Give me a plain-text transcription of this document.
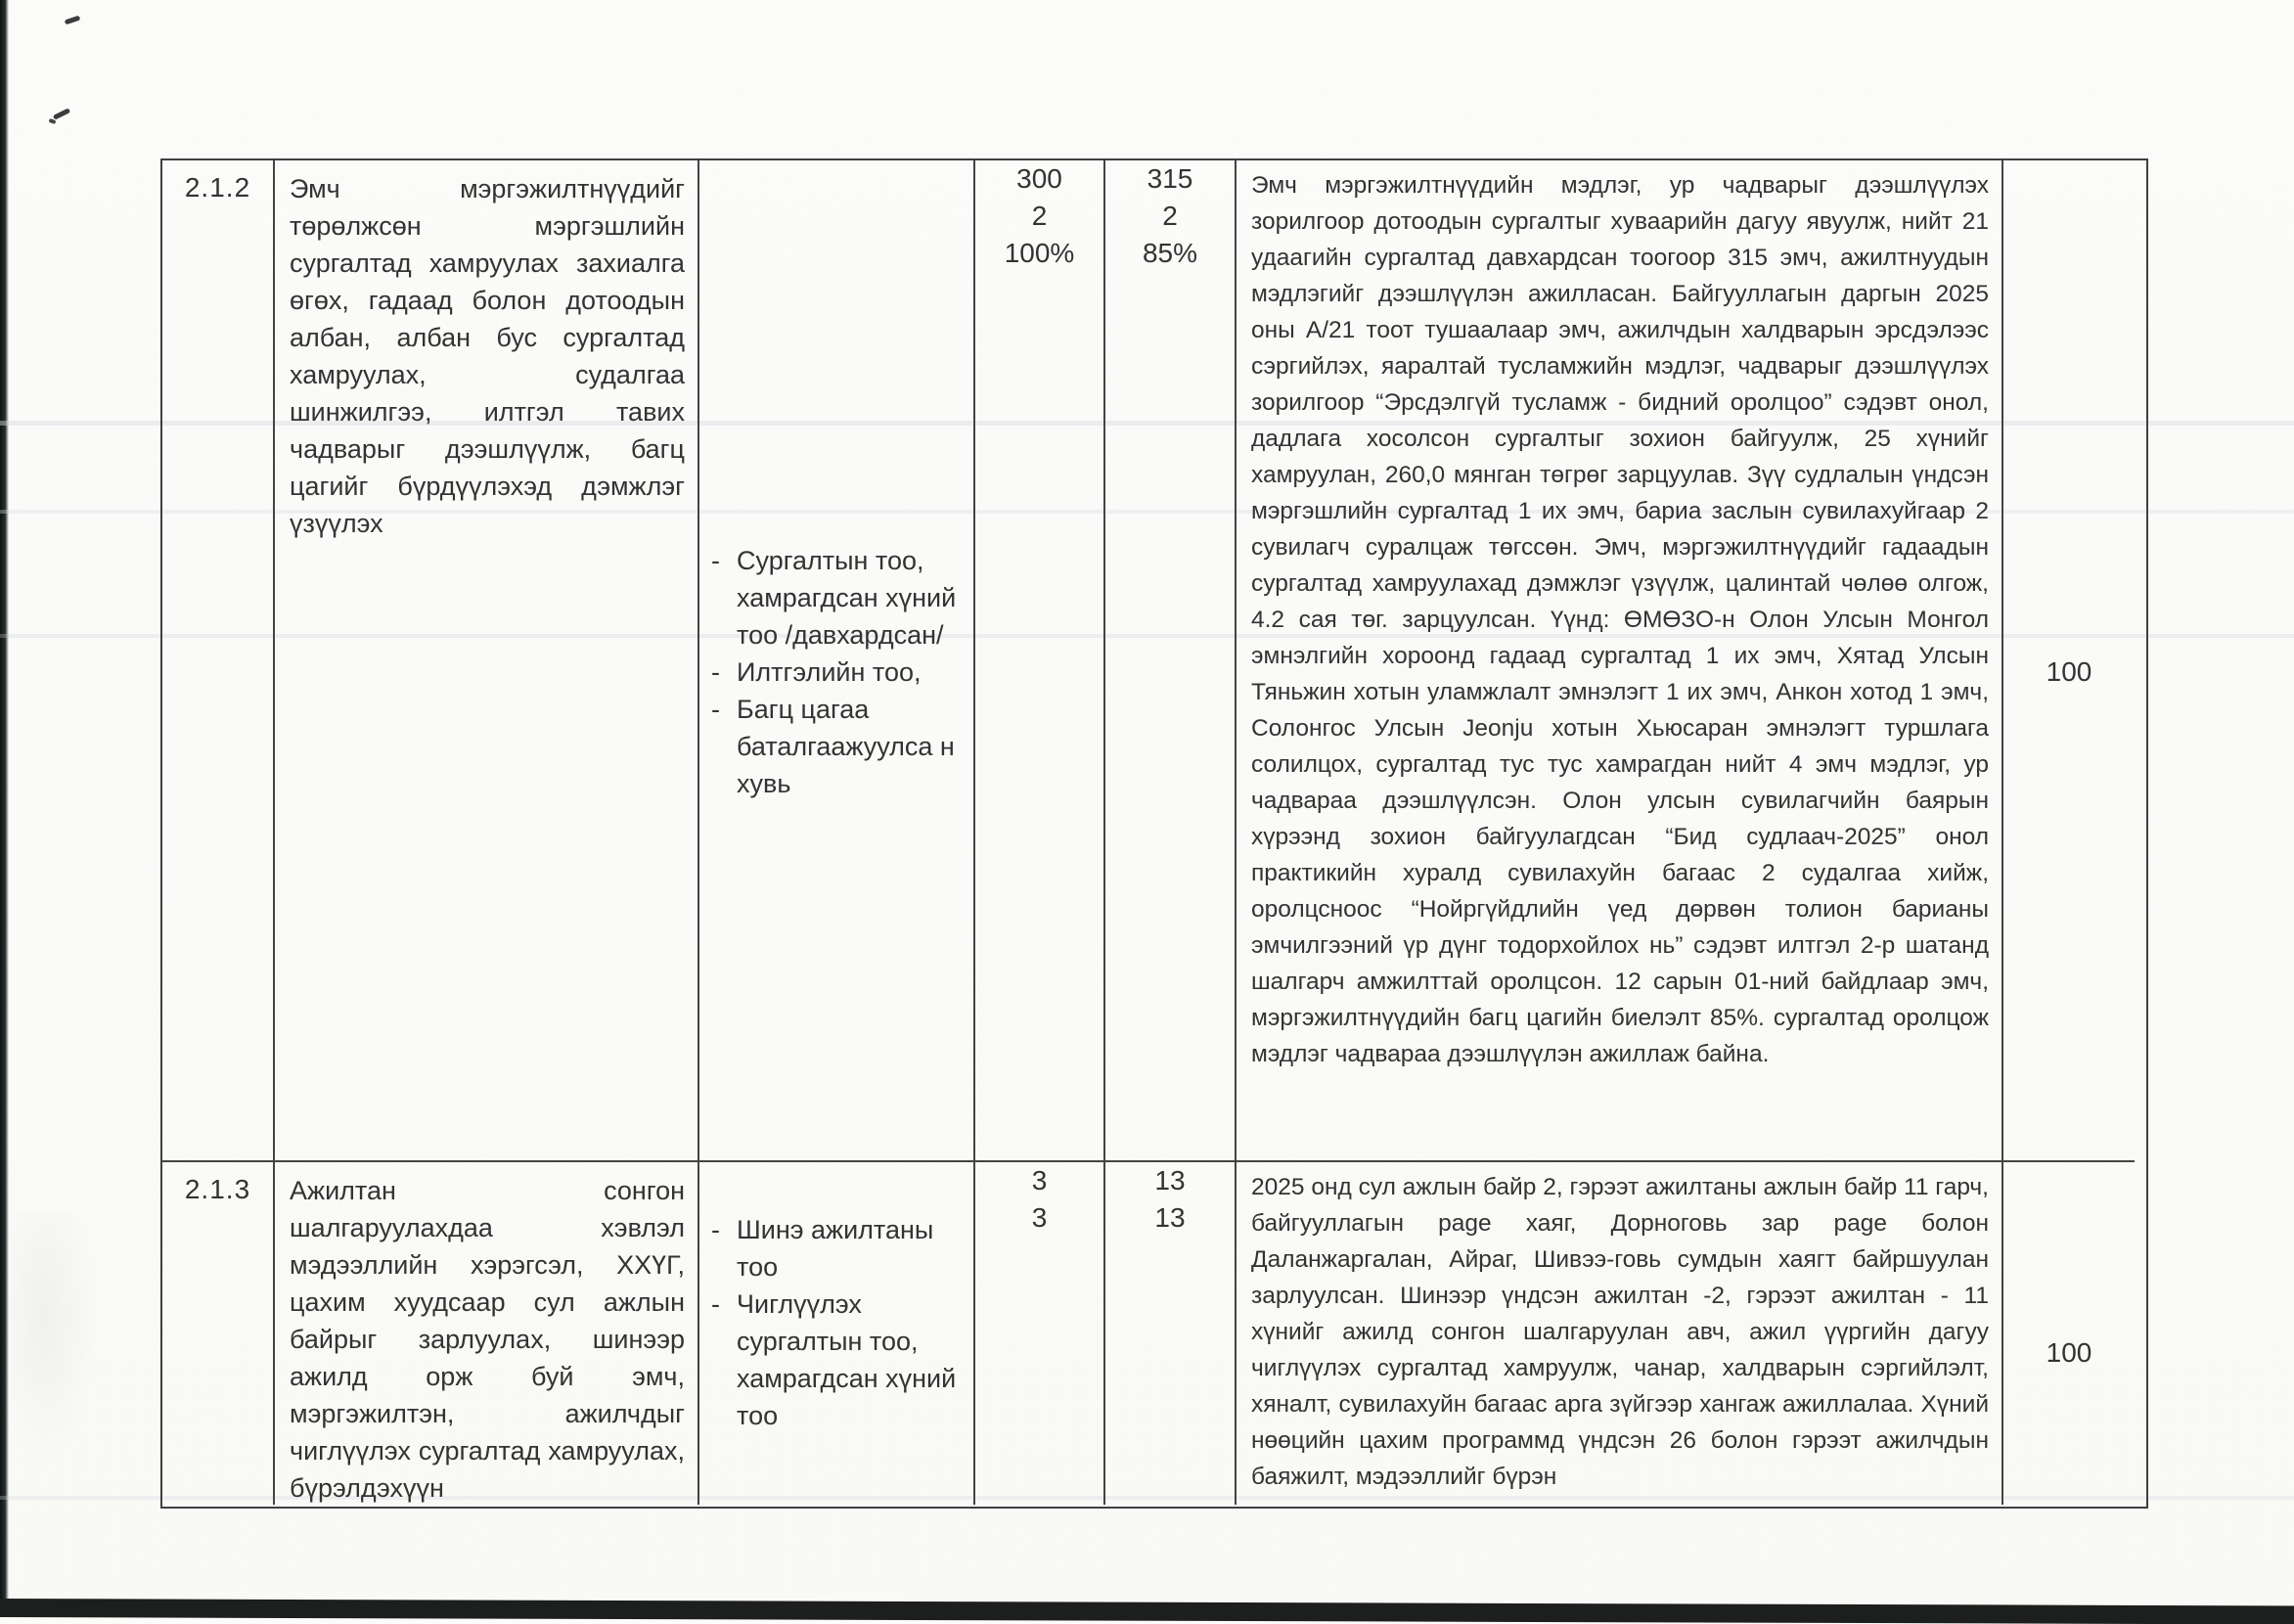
2.1.2	Эмч мэргэжилтнүүдийг төрөлжсөн мэргэшлийн сургалтад хамруулах захиалга өгөх, гадаад болон дотоодын албан, албан бус сургалтад хамруулах, судалгаа шинжилгээ, илтгэл тавих чадварыг дээшлүүлж, багц цагийг бүрдүүлэхэд дэмжлэг үзүүлэх
-
Сургалтын тоо, хамрагдсан хүний тоо /давхардсан/
-
Илтгэлийн тоо,
-
Багц цагаа баталгаажуулса н хувь
300
2
100%
315
2
85%
Эмч мэргэжилтнүүдийн мэдлэг, ур чадварыг дээшлүүлэх зорилгоор дотоодын сургалтыг хуваарийн дагуу явуулж, нийт 21 удаагийн сургалтад давхардсан тоогоор 315 эмч, ажилтнуудын мэдлэгийг дээшлүүлэн ажилласан. Байгууллагын даргын 2025 оны А/21 тоот тушаалаар эмч, ажилчдын халдварын эрсдэлээс сэргийлэх, яаралтай тусламжийн мэдлэг, чадварыг дээшлүүлэх зорилгоор “Эрсдэлгүй тусламж - бидний оролцоо” сэдэвт онол, дадлага хосолсон сургалтыг зохион байгуулж, 25 хүнийг хамруулан, 260,0 мянган төгрөг зарцуулав. Зүү судлалын үндсэн мэргэшлийн сургалтад 1 их эмч, бариа заслын сувилахуйгаар 2 сувилагч суралцаж төгссөн. Эмч, мэргэжилтнүүдийг гадаадын сургалтад хамруулахад дэмжлэг үзүүлж, цалинтай чөлөө олгож, 4.2 сая төг. зарцуулсан. Үүнд: ӨМӨЗО-н Олон Улсын Монгол эмнэлгийн хороонд гадаад сургалтад 1 их эмч, Хятад Улсын Тяньжин хотын уламжлалт эмнэлэгт 1 их эмч, Анкон хотод 1 эмч, Солонгос Улсын Jeonju хотын Хьюсаран эмнэлэгт туршлага солилцох, сургалтад тус тус хамрагдан нийт 4 эмч мэдлэг, ур чадвараа дээшлүүлсэн. Олон улсын сувилагчийн баярын хүрээнд зохион байгуулагдсан “Бид судлаач-2025” онол практикийн хуралд сувилахуйн багаас 2 судалгаа хийж, оролцсноос “Нойргүйдлийн үед дөрвөн толион барианы эмчилгээний үр дүнг тодорхойлох нь” сэдэвт илтгэл 2-р шатанд шалгарч амжилттай оролцсон. 12 сарын 01-ний байдлаар эмч, мэргэжилтнүүдийн багц цагийн биелэлт 85%. сургалтад оролцож мэдлэг чадвараа дээшлүүлэн ажиллаж байна.
100
2.1.3	Ажилтан сонгон шалгаруулахдаа хэвлэл мэдээллийн хэрэгсэл, ХХҮГ, цахим хуудсаар сул ажлын байрыг зарлуулах, шинээр ажилд орж буй эмч, мэргэжилтэн, ажилчдыг чиглүүлэх сургалтад хамруулах, бүрэлдэхүүн
-
Шинэ ажилтаны тоо
-
Чиглүүлэх сургалтын тоо, хамрагдсан хүний тоо
3
3
13
13
2025 онд сул ажлын байр 2, гэрээт ажилтаны ажлын байр 11 гарч, байгууллагын page хаяг, Дорноговь зар page болон Даланжаргалан, Айраг, Шивээ-говь сумдын хаягт байршуулан зарлуулсан. Шинээр үндсэн ажилтан -2, гэрээт ажилтан - 11 хүнийг ажилд сонгон шалгаруулан авч, ажил үүргийн дагуу чиглүүлэх сургалтад хамруулж, чанар, халдварын сэргийлэлт, хяналт, сувилахуйн багаас арга зүйгээр хангаж ажиллалаа. Хүний нөөцийн цахим программд үндсэн 26 болон гэрээт ажилчдын баяжилт, мэдээллийг бүрэн
100
